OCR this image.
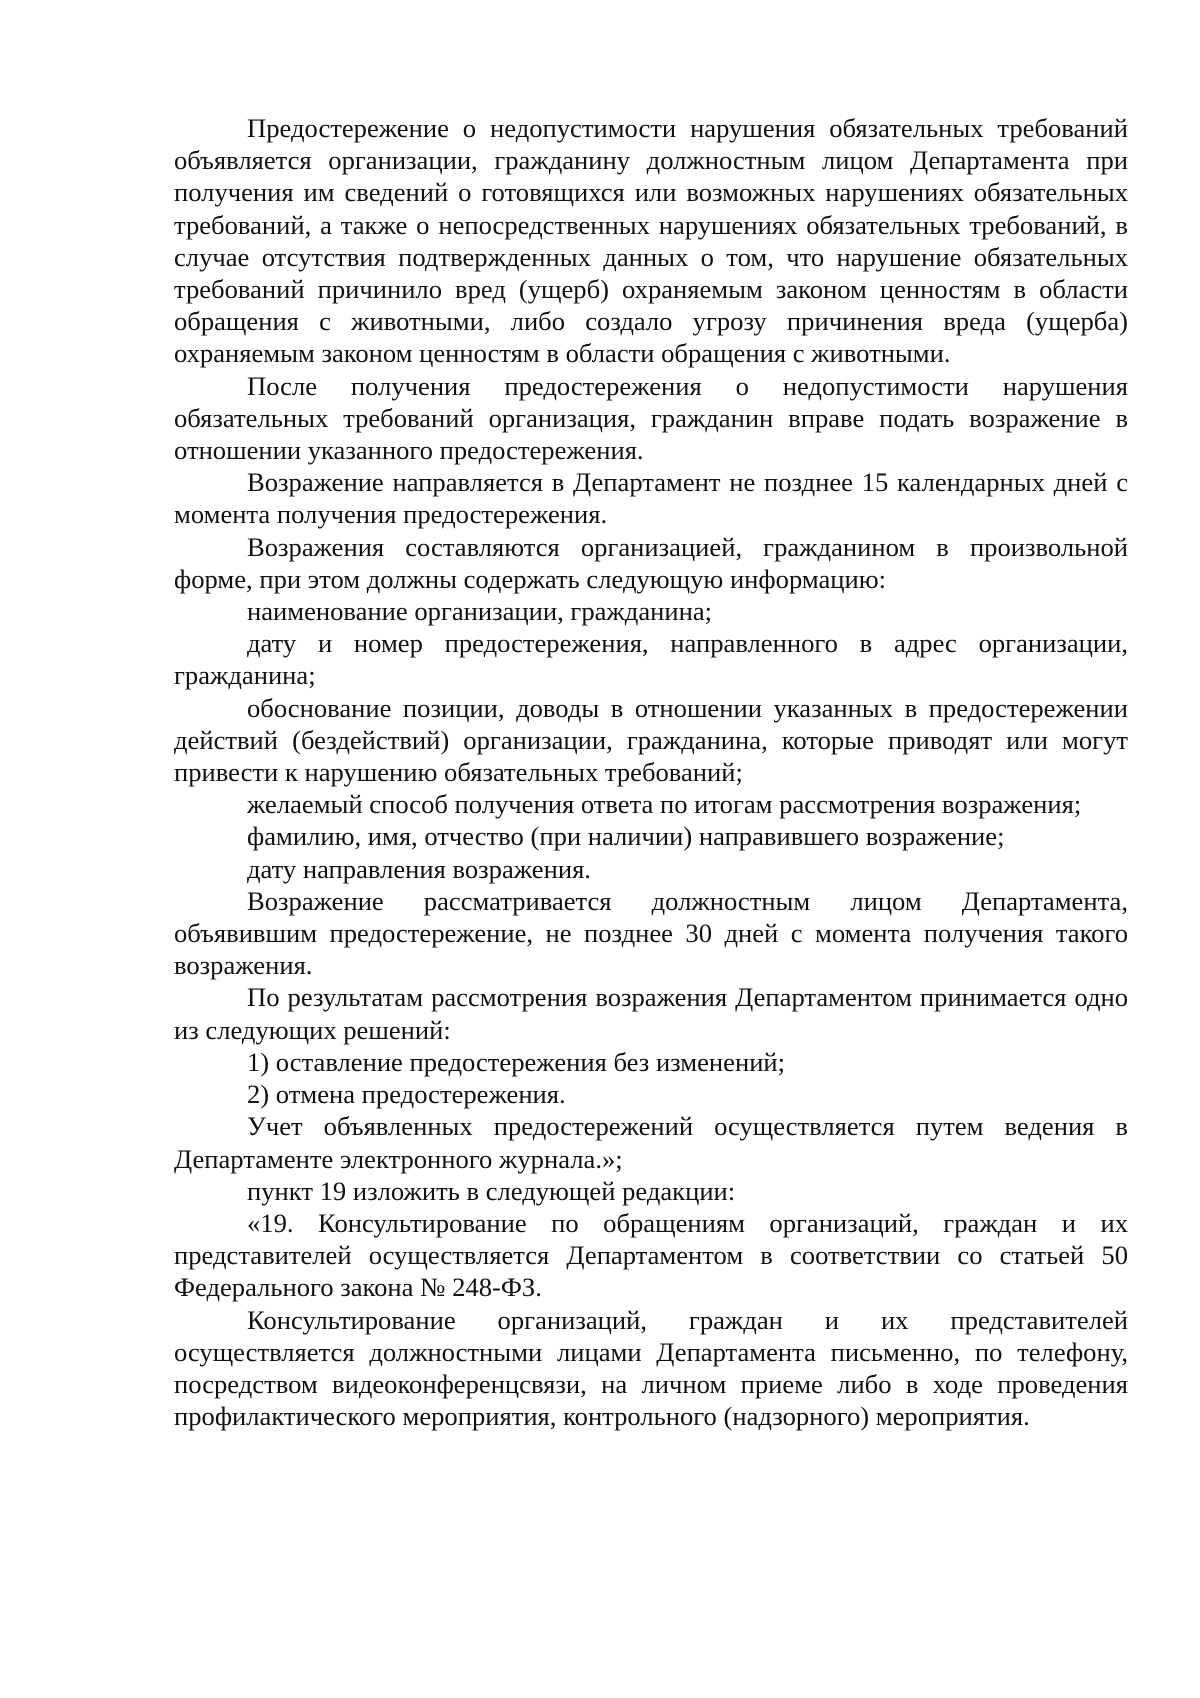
Предостережение о недопустимости нарушения обязательных требований объявляется организации, гражданину должностным лицом Департамента при получения им сведений о готовящихся или возможных нарушениях обязательных требований, а также о непосредственных нарушениях обязательных требований, в случае отсутствия подтвержденных данных о том, что нарушение обязательных требований причинило вред (ущерб) охраняемым законом ценностям в области обращения с животными, либо создало угрозу причинения вреда (ущерба) охраняемым законом ценностям в области обращения с животными.

После получения предостережения о недопустимости нарушения обязательных требований организация, гражданин вправе подать возражение в отношении указанного предостережения.

Возражение направляется в Департамент не позднее 15 календарных дней с момента получения предостережения.

Возражения составляются организацией, гражданином в произвольной форме, при этом должны содержать следующую информацию:

наименование организации, гражданина;

дату и номер предостережения, направленного в адрес организации, гражданина;

обоснование позиции, доводы в отношении указанных в предостережении действий (бездействий) организации, гражданина, которые приводят или могут привести к нарушению обязательных требований;

желаемый способ получения ответа по итогам рассмотрения возражения;

фамилию, имя, отчество (при наличии) направившего возражение;

дату направления возражения.

Возражение рассматривается должностным лицом Департамента, объявившим предостережение, не позднее 30 дней с момента получения такого возражения.

По результатам рассмотрения возражения Департаментом принимается одно из следующих решений:

1) оставление предостережения без изменений;

2) отмена предостережения.

Учет объявленных предостережений осуществляется путем ведения в Департаменте электронного журнала.»;

пункт 19 изложить в следующей редакции:

«19. Консультирование по обращениям организаций, граждан и их представителей осуществляется Департаментом в соответствии со статьей 50 Федерального закона № 248-ФЗ.

Консультирование организаций, граждан и их представителей осуществляется должностными лицами Департамента письменно, по телефону, посредством видеоконференцсвязи, на личном приеме либо в ходе проведения профилактического мероприятия, контрольного (надзорного) мероприятия.
